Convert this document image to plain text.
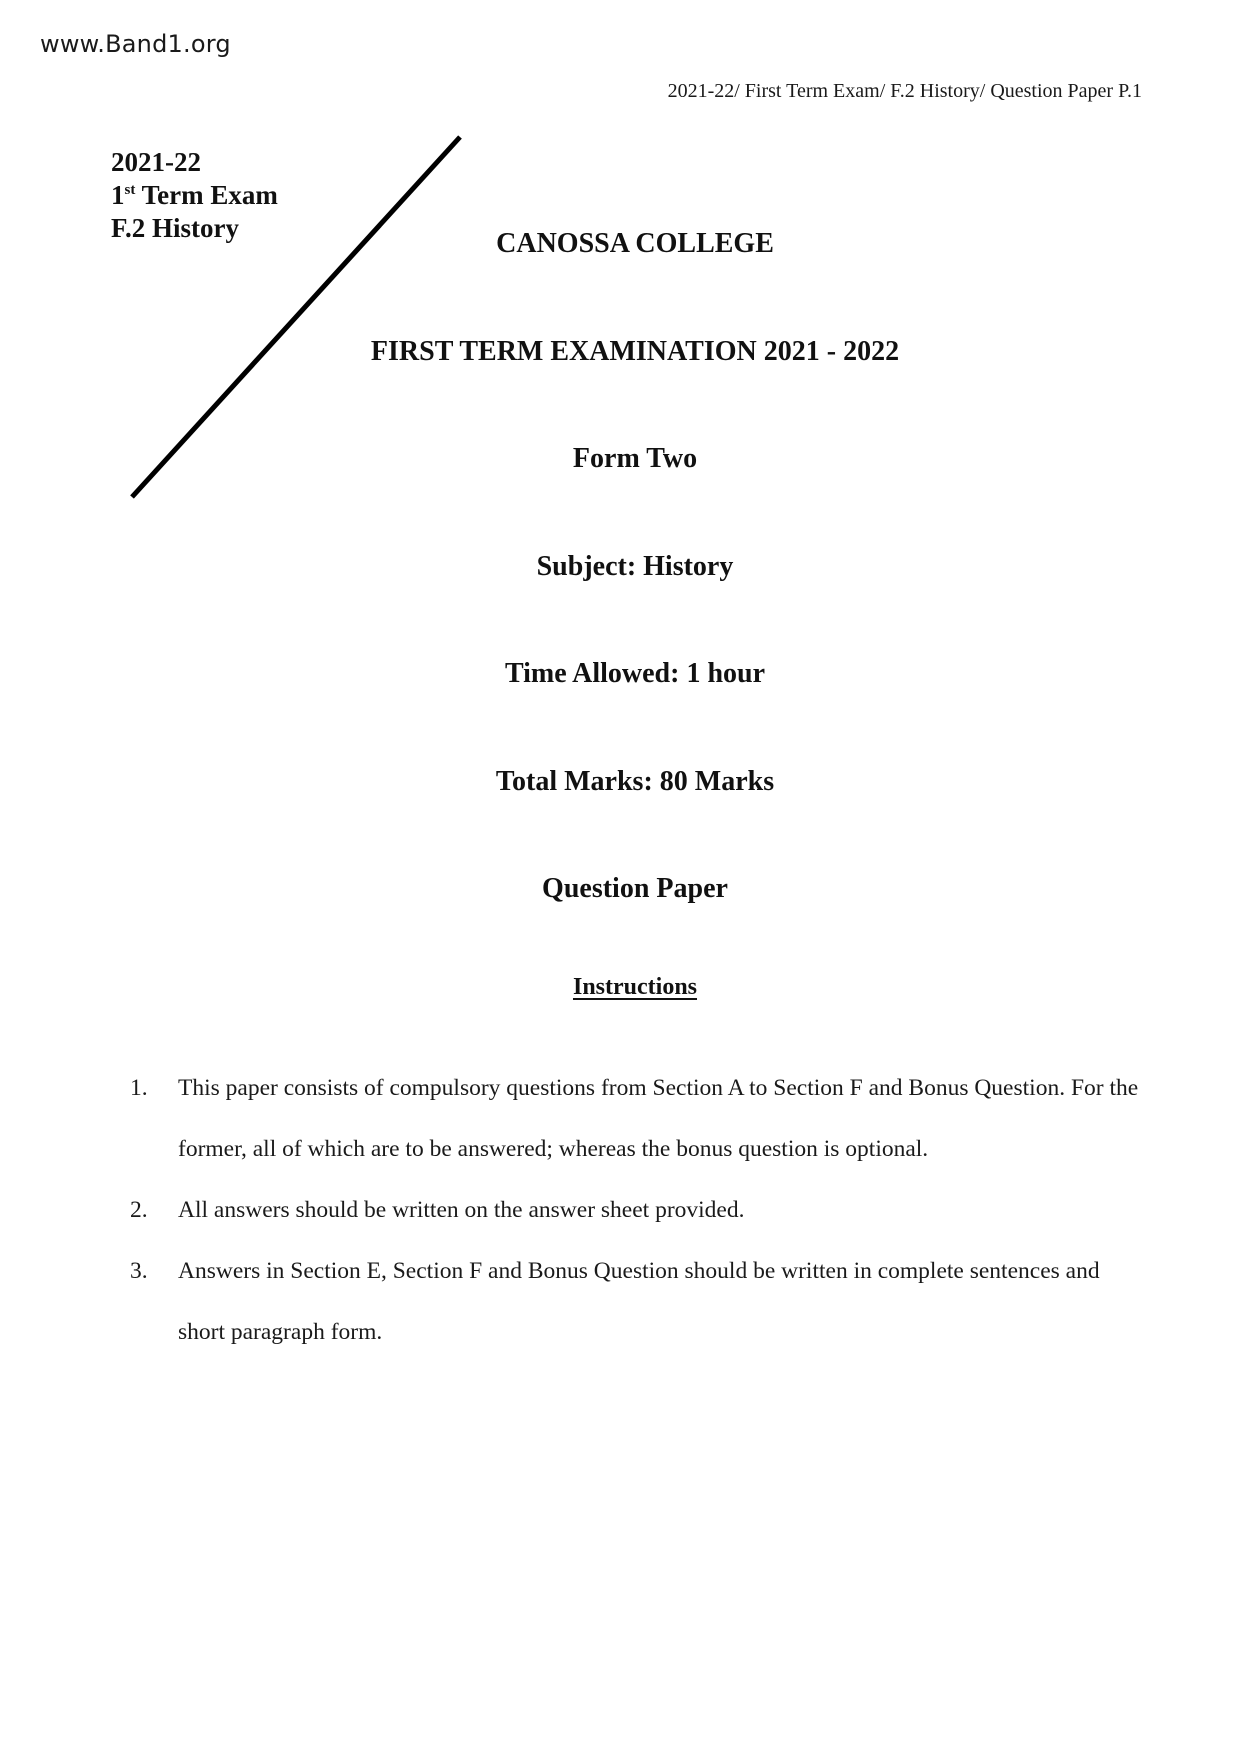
www.Band1.org
2021-22/ First Term Exam/ F.2 History/ Question Paper P.1
2021-22
1st Term Exam
F.2 History	CANOSSA COLLEGE
FIRST TERM EXAMINATION 2021 - 2022
Form Two
Subject: History
Time Allowed: 1 hour
Total Marks: 80 Marks
Question Paper
Instructions
1. This paper consists of compulsory questions from Section A to Section F and Bonus Question. For the former, all of which are to be answered; whereas the bonus question is optional.
2. All answers should be written on the answer sheet provided.
3. Answers in Section E, Section F and Bonus Question should be written in complete sentences and short paragraph form.
